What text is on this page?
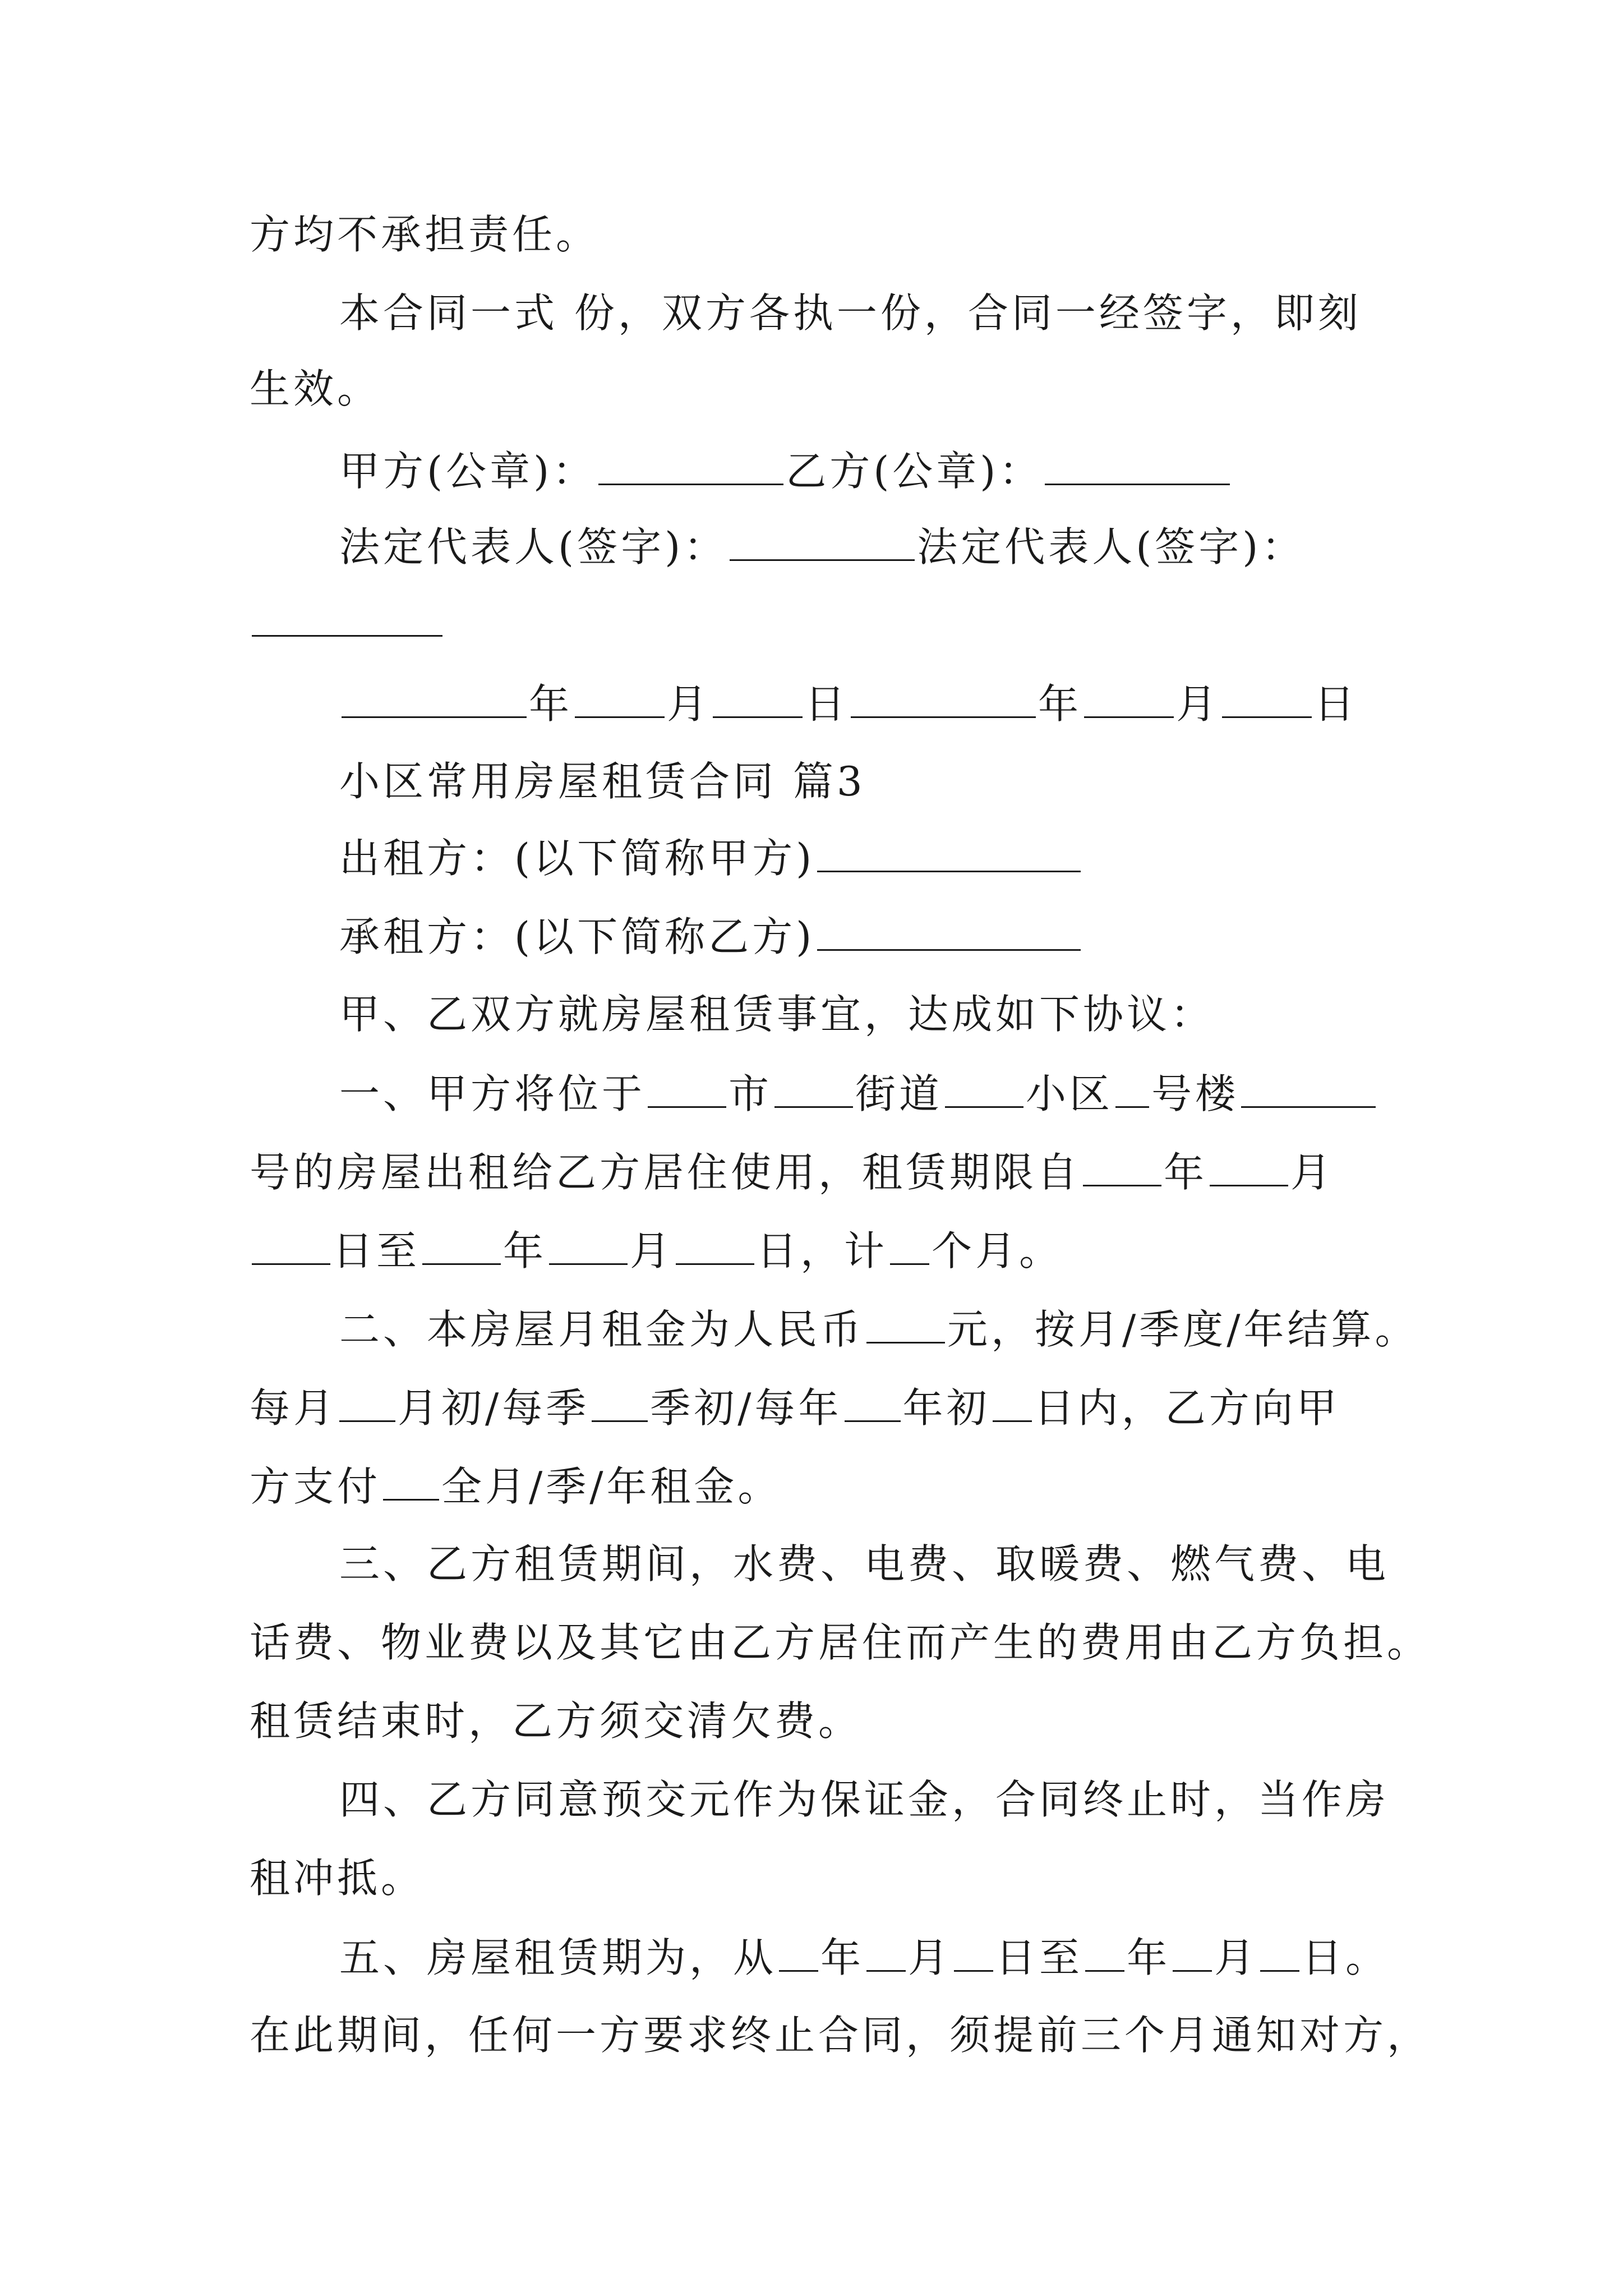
方均不承担责任。
本合同一式 份，双方各执一份，合同一经签字，即刻
生效。
甲方(公章)：	乙方(公章)：
法定代表人(签字)：	法定代表人(签字)：
年 月 日	年 月 日
小区常用房屋租赁合同 篇3
出租方：(以下简称甲方)
承租方：(以下简称乙方)
甲、乙双方就房屋租赁事宜，达成如下协议：
一、甲方将位于 市 街道 小区 号楼
号的房屋出租给乙方居住使用，租赁期限自 年 月
日至 年 月 日，计 个月。
二、本房屋月租金为人民币 元，按月/季度/年结算。
每月 月初/每季 季初/每年 年初 日内，乙方向甲
方支付 全月/季/年租金。
三、乙方租赁期间，水费、电费、取暖费、燃气费、电
话费、物业费以及其它由乙方居住而产生的费用由乙方负担。
租赁结束时，乙方须交清欠费。
四、乙方同意预交元作为保证金，合同终止时，当作房
租冲抵。
五、房屋租赁期为，从 年 月 日至 年 月 日。
在此期间，任何一方要求终止合同，须提前三个月通知对方，
